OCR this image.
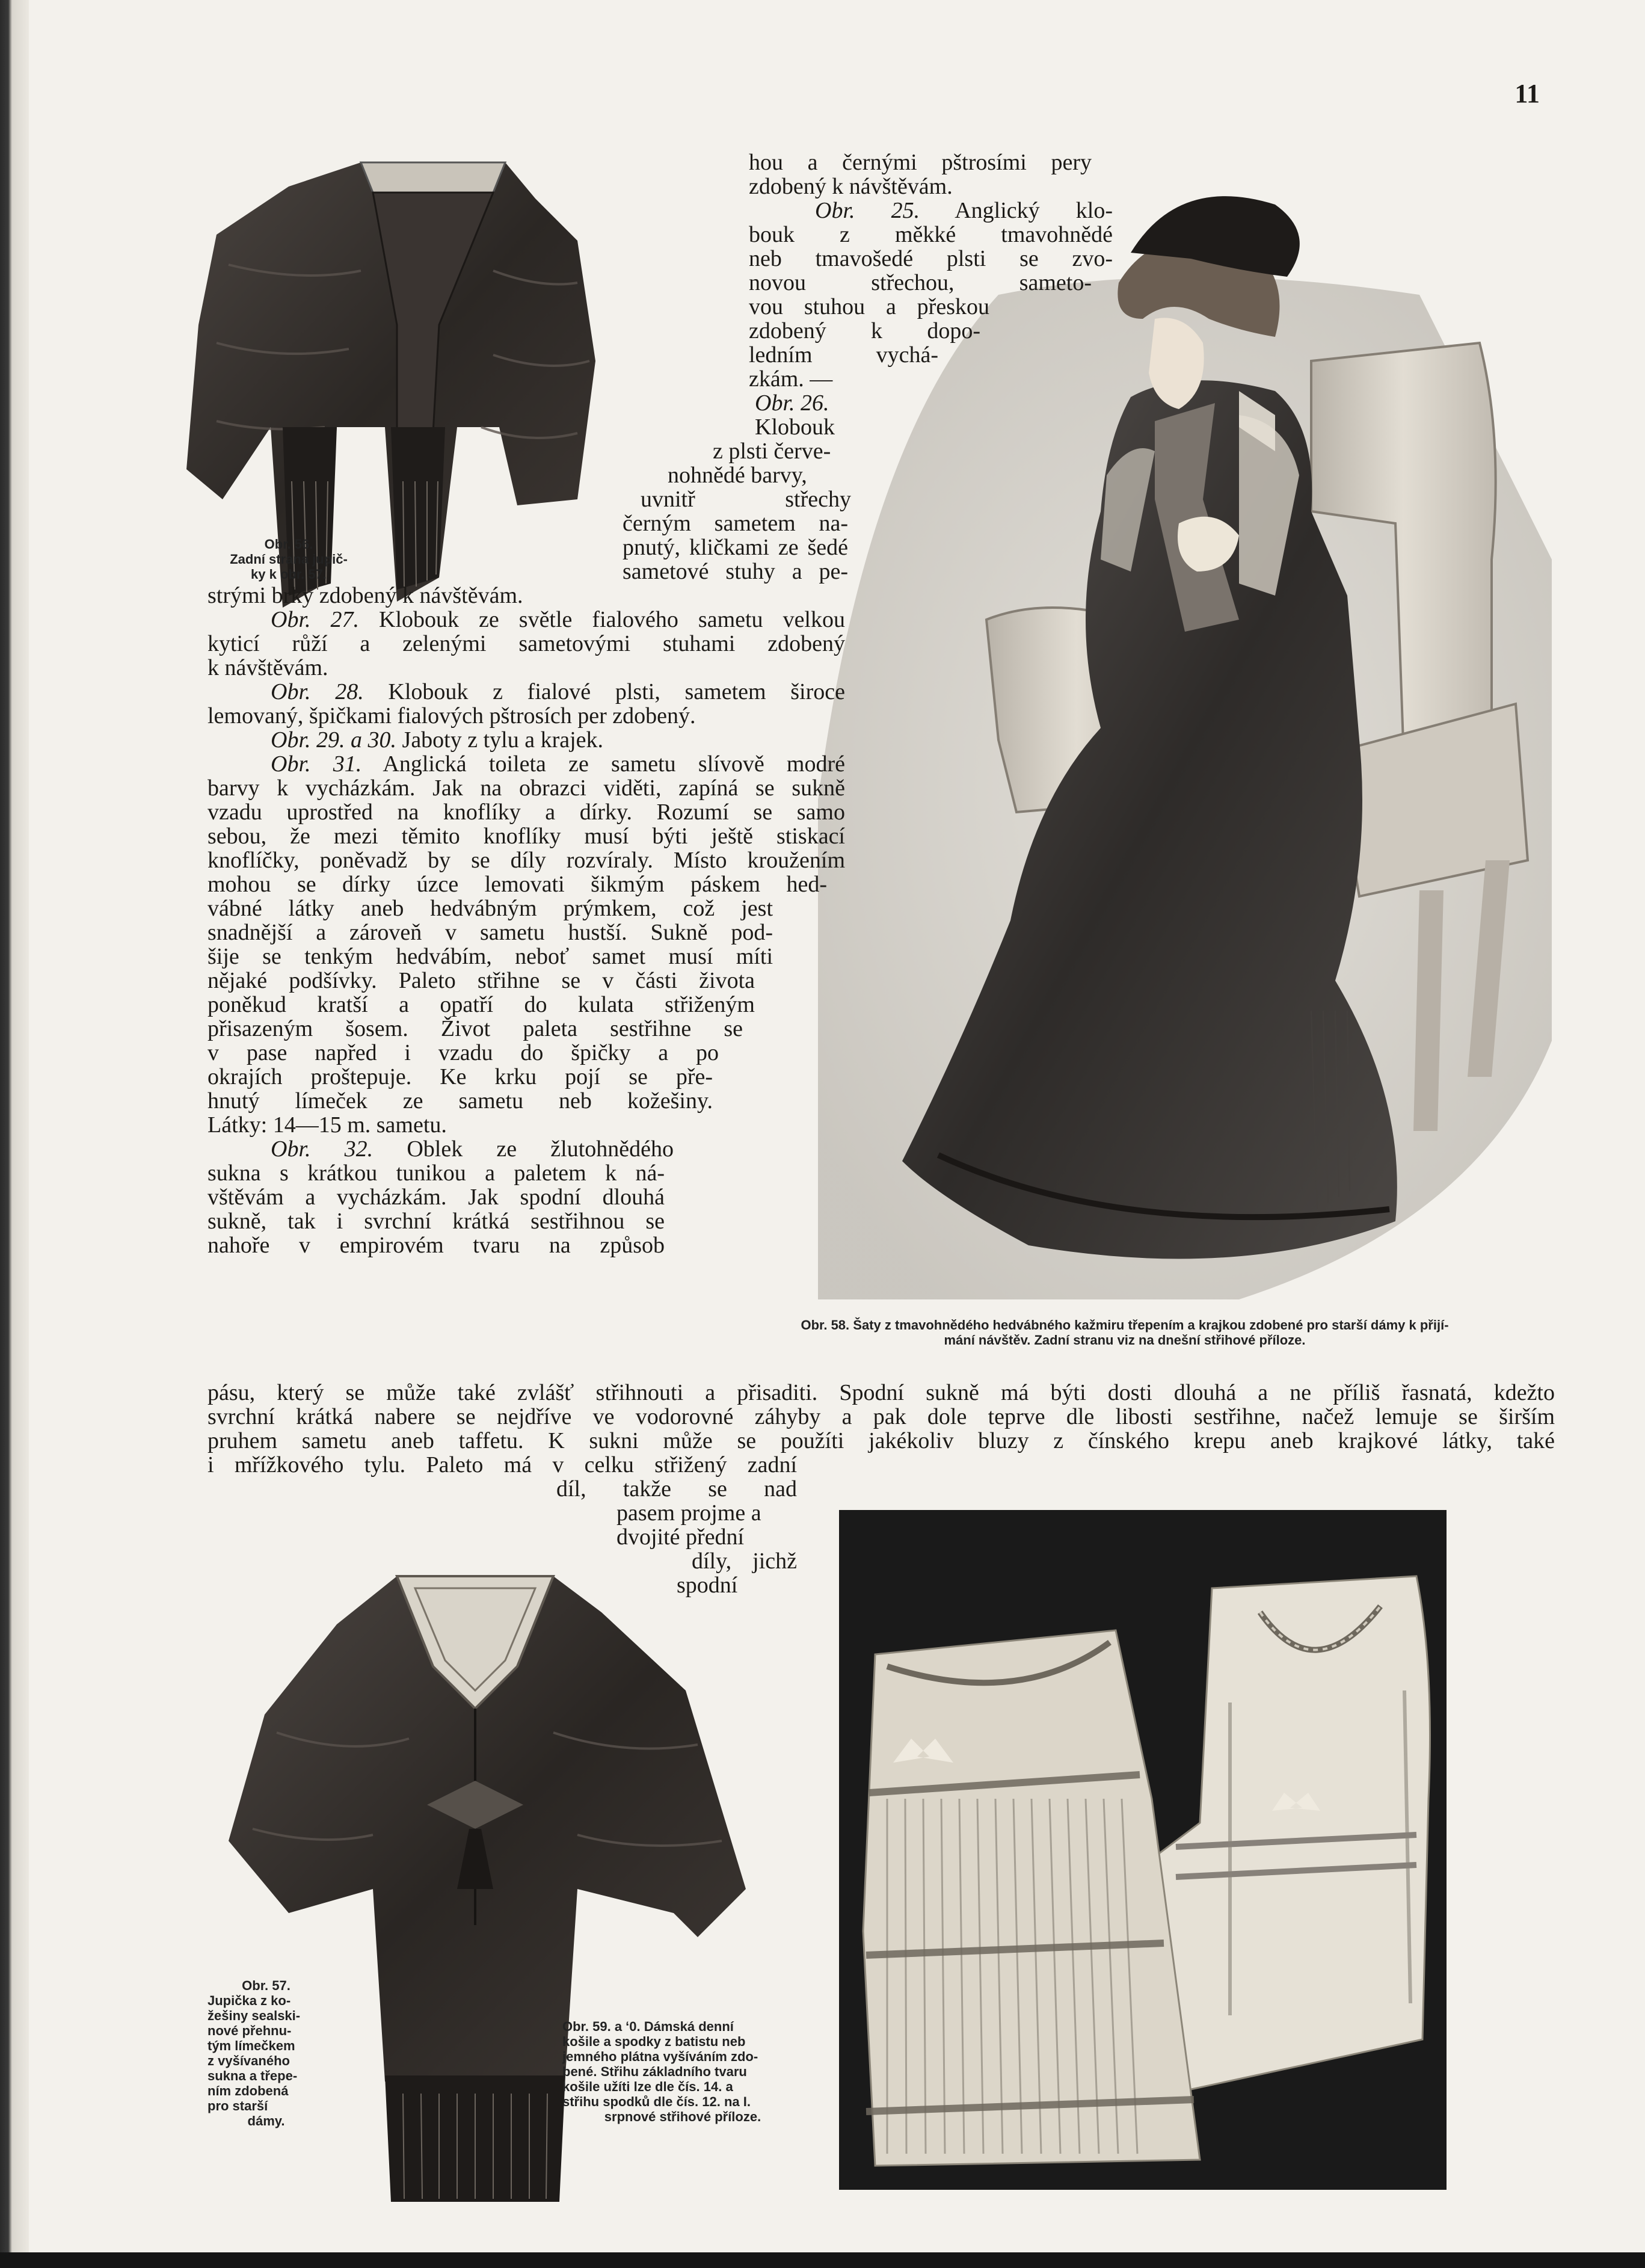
11

Obr. 56.
Zadní strana jupič-
ky k obr. 57.

Obr. 58. Šaty z tmavohnědého hedvábného kažmiru třepením a krajkou zdobené pro starší dámy k přijí-
mání návštěv. Zadní stranu viz na dnešní střihové příloze.

hou a černými pštrosími pery

zdobený k návštěvám.

Obr. 25. Anglický klo-

bouk z měkké tmavohnědé

neb tmavošedé plsti se zvo-

novou střechou, sameto-

vou stuhou a přeskou

zdobený k dopo-

ledním vychá-

zkám. —

Obr. 26.

Klobouk

z plsti červe-

nohnědé barvy,

uvnitř střechy

černým sametem na-

pnutý, kličkami ze šedé

sametové stuhy a pe-

strými brky zdobený k návštěvám.

Obr. 27. Klobouk ze světle fialového sametu velkou

kyticí růží a zelenými sametovými stuhami zdobený

k návštěvám.

Obr. 28. Klobouk z fialové plsti, sametem široce

lemovaný, špičkami fialových pštrosích per zdobený.

Obr. 29. a 30. Jaboty z tylu a krajek.

Obr. 31. Anglická toileta ze sametu slívově modré

barvy k vycházkám. Jak na obrazci viděti, zapíná se sukně

vzadu uprostřed na knoflíky a dírky. Rozumí se samo

sebou, že mezi těmito knoflíky musí býti ještě stiskací

knoflíčky, poněvadž by se díly rozvíraly. Místo kroužením

mohou se dírky úzce lemovati šikmým páskem hed-

vábné látky aneb hedvábným prýmkem, což jest

snadnější a zároveň v sametu hustší. Sukně pod-

šije se tenkým hedvábím, neboť samet musí míti

nějaké podšívky. Paleto střihne se v části života

poněkud kratší a opatří do kulata střiženým

přisazeným šosem. Život paleta sestřihne se

v pase napřed i vzadu do špičky a po

okrajích proštepuje. Ke krku pojí se pře-

hnutý límeček ze sametu neb kožešiny.

Látky: 14—15 m. sametu.

Obr. 32. Oblek ze žlutohnědého

sukna s krátkou tunikou a paletem k ná-

vštěvám a vycházkám. Jak spodní dlouhá

sukně, tak i svrchní krátká sestřihnou se

nahoře v empirovém tvaru na způsob

pásu, který se může také zvlášť střihnouti a přisaditi. Spodní sukně má býti dosti dlouhá a ne příliš řasnatá, kdežto

svrchní krátká nabere se nejdříve ve vodorovné záhyby a pak dole teprve dle libosti sestřihne, načež lemuje se širším

pruhem sametu aneb taffetu. K sukni může se použíti jakékoliv bluzy z čínského krepu aneb krajkové látky, také

i mřížkového tylu. Paleto má v celku střižený zadní

díl, takže se nad

pasem projme a

dvojité přední

díly, jichž

spodní

Obr. 57.
Jupička z ko-
žešiny sealski-
nové přehnu-
tým límečkem
z vyšívaného
sukna a třepe-
ním zdobená
pro starší
dámy.

Obr. 59. a ‘0. Dámská denní
košile a spodky z batistu neb
jemného plátna vyšíváním zdo-
bené. Střihu základního tvaru
košile užíti lze dle čís. 14. a
střihu spodků dle čís. 12. na I.
srpnové střihové příloze.
